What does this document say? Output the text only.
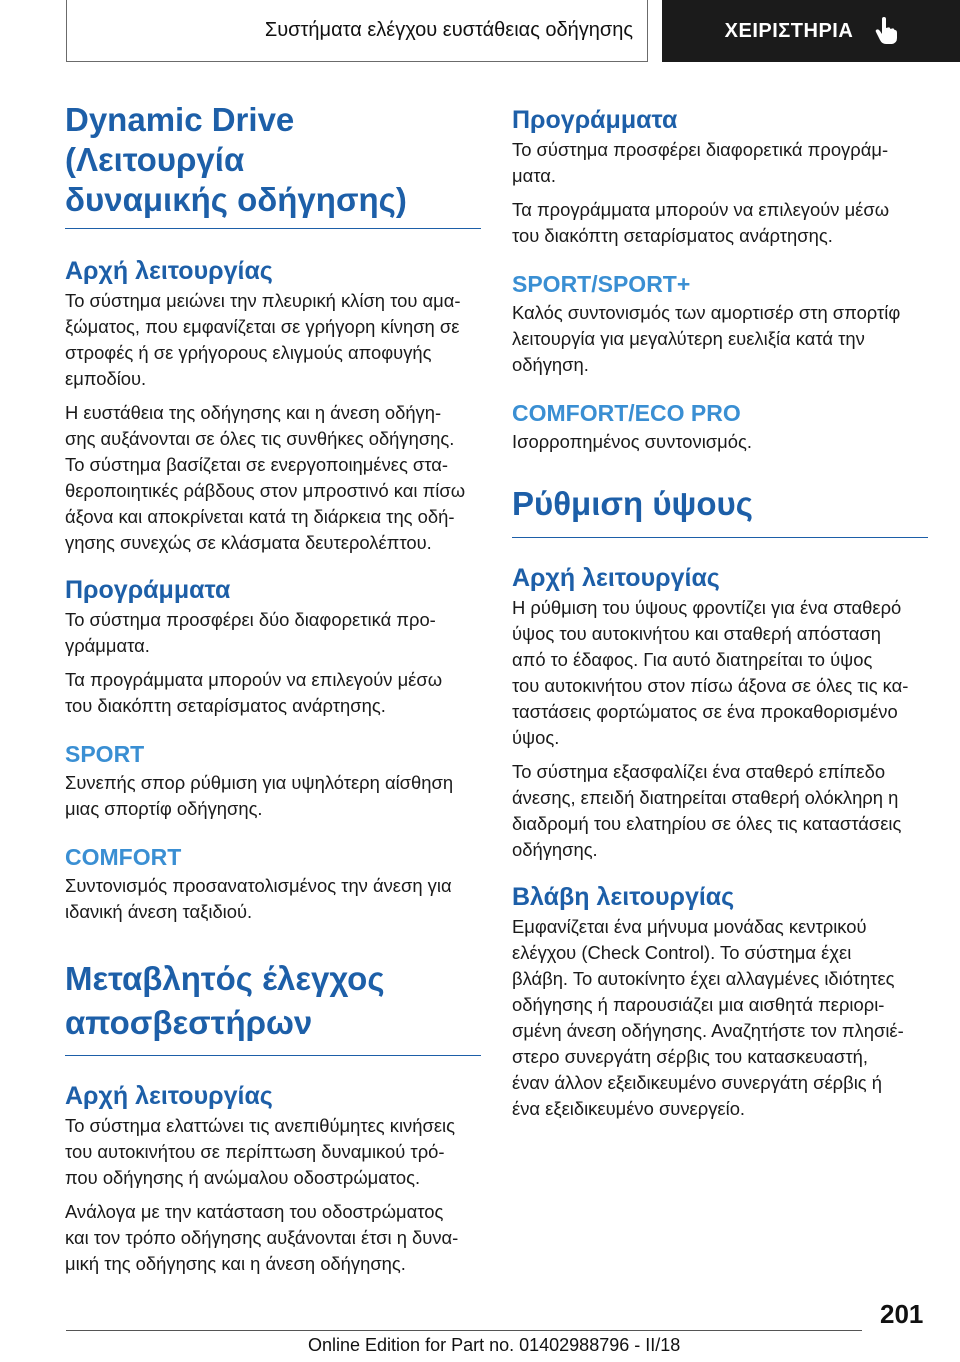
Συστήματα ελέγχου ευστάθειας οδήγησης	ΧΕΙΡΙΣΤΗΡΙΑ
Dynamic Drive (Λειτουργία
δυναμικής οδήγησης)
Αρχή λειτουργίας

Το σύστημα μειώνει την πλευρική κλίση του αμα-
ξώματος, που εμφανίζεται σε γρήγορη κίνηση σε
στροφές ή σε γρήγορους ελιγμούς αποφυγής
εμποδίου.

Η ευστάθεια της οδήγησης και η άνεση οδήγη-
σης αυξάνονται σε όλες τις συνθήκες οδήγησης.
Το σύστημα βασίζεται σε ενεργοποιημένες στα-
θεροποιητικές ράβδους στον μπροστινό και πίσω
άξονα και αποκρίνεται κατά τη διάρκεια της οδή-
γησης συνεχώς σε κλάσματα δευτερολέπτου.

Προγράμματα

Το σύστημα προσφέρει δύο διαφορετικά προ-
γράμματα.

Τα προγράμματα μπορούν να επιλεγούν μέσω
του διακόπτη σεταρίσματος ανάρτησης.

SPORT

Συνεπής σπορ ρύθμιση για υψηλότερη αίσθηση
μιας σπορτίφ οδήγησης.

COMFORT

Συντονισμός προσανατολισμένος την άνεση για
ιδανική άνεση ταξιδιού.

Μεταβλητός έλεγχος
αποσβεστήρων
Αρχή λειτουργίας

Το σύστημα ελαττώνει τις ανεπιθύμητες κινήσεις
του αυτοκινήτου σε περίπτωση δυναμικού τρό-
που οδήγησης ή ανώμαλου οδοστρώματος.

Ανάλογα με την κατάσταση του οδοστρώματος
και τον τρόπο οδήγησης αυξάνονται έτσι η δυνα-
μική της οδήγησης και η άνεση οδήγησης.

Προγράμματα

Το σύστημα προσφέρει διαφορετικά προγράμ-
ματα.

Τα προγράμματα μπορούν να επιλεγούν μέσω
του διακόπτη σεταρίσματος ανάρτησης.

SPORT/SPORT+

Καλός συντονισμός των αμορτισέρ στη σπορτίφ
λειτουργία για μεγαλύτερη ευελιξία κατά την
οδήγηση.

COMFORT/ECO PRO

Ισορροπημένος συντονισμός.

Ρύθμιση ύψους
Αρχή λειτουργίας

Η ρύθμιση του ύψους φροντίζει για ένα σταθερό
ύψος του αυτοκινήτου και σταθερή απόσταση
από το έδαφος. Για αυτό διατηρείται το ύψος
του αυτοκινήτου στον πίσω άξονα σε όλες τις κα-
ταστάσεις φορτώματος σε ένα προκαθορισμένο
ύψος.

Το σύστημα εξασφαλίζει ένα σταθερό επίπεδο
άνεσης, επειδή διατηρείται σταθερή ολόκληρη η
διαδρομή του ελατηρίου σε όλες τις καταστάσεις
οδήγησης.

Βλάβη λειτουργίας

Εμφανίζεται ένα μήνυμα μονάδας κεντρικού
ελέγχου (Check Control). Το σύστημα έχει
βλάβη. Το αυτοκίνητο έχει αλλαγμένες ιδιότητες
οδήγησης ή παρουσιάζει μια αισθητά περιορι-
σμένη άνεση οδήγησης. Αναζητήστε τον πλησιέ-
στερο συνεργάτη σέρβις του κατασκευαστή,
έναν άλλον εξειδικευμένο συνεργάτη σέρβις ή
ένα εξειδικευμένο συνεργείο.

201
Online Edition for Part no. 01402988796 - II/18
